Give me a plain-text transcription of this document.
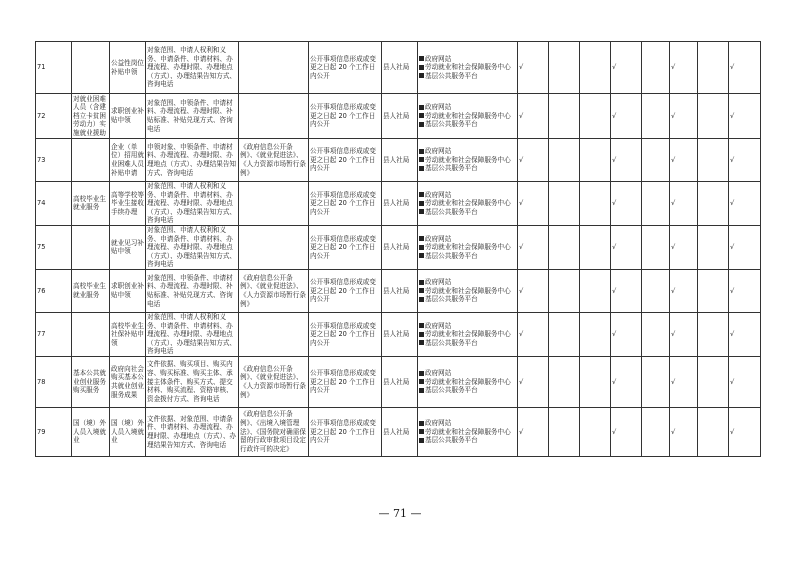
71		公益性岗位补贴申领	对象范围、申请人权利和义务、申请条件、申请材料、办理流程、办理时限、办理地点（方式）、办理结果告知方式、咨询电话		公开事项信息形成或变更之日起 20 个工作日内公开	县人社局	政府网站
劳动就业和社会保障服务中心
基层公共服务平台	√			√		√		√
72	对就业困难人员（含建档立卡贫困劳动力）实施就业援助	求职创业补贴申领	对象范围、申领条件、申请材料、办理流程、办理时限、补贴标准、补贴兑现方式、咨询电话		公开事项信息形成或变更之日起 20 个工作日内公开	县人社局	政府网站
劳动就业和社会保障服务中心
基层公共服务平台	√			√		√		√
73		企业（单位）招用就业困难人员补贴申请	申领对象、申领条件、申请材料、办理流程、办理时限、办理地点（方式）、办理结果告知方式、咨询电话	《政府信息公开条例》、《就业促进法》、《人力资源市场暂行条例》	公开事项信息形成或变更之日起 20 个工作日内公开	县人社局	政府网站
劳动就业和社会保障服务中心
基层公共服务平台	√			√		√		√
74	高校毕业生就业服务	高等学校等毕业生接收手续办理	对象范围、申请人权利和义务、申请条件、申请材料、办理流程、办理时限、办理地点（方式）、办理结果告知方式、咨询电话		公开事项信息形成或变更之日起 20 个工作日内公开	县人社局	政府网站
劳动就业和社会保障服务中心
基层公共服务平台	√			√		√		√
75		就业见习补贴申领	对象范围、申请人权利和义务、申请条件、申请材料、办理流程、办理时限、办理地点（方式）、办理结果告知方式、咨询电话		公开事项信息形成或变更之日起 20 个工作日内公开	县人社局	政府网站
劳动就业和社会保障服务中心
基层公共服务平台	√			√		√		√
76	高校毕业生就业服务	求职创业补贴申领	对象范围、申领条件、申请材料、办理流程、办理时限、补贴标准、补贴兑现方式、咨询电话	《政府信息公开条例》、《就业促进法》、《人力资源市场暂行条例》	公开事项信息形成或变更之日起 20 个工作日内公开	县人社局	政府网站
劳动就业和社会保障服务中心
基层公共服务平台	√			√		√		√
77		高校毕业生社保补贴申领	对象范围、申请人权利和义务、申请条件、申请材料、办理流程、办理时限、办理地点（方式）、办理结果告知方式、咨询电话		公开事项信息形成或变更之日起 20 个工作日内公开	县人社局	政府网站
劳动就业和社会保障服务中心
基层公共服务平台	√			√		√		√
78	基本公共就业创业服务购买服务	政府向社会购买基本公共就业创业服务成果	文件依据、购买项目、购买内容、购买标准、购买主体、承接主体条件、购买方式、提交材料、购买流程、资格审核、资金拨付方式、咨询电话	《政府信息公开条例》、《就业促进法》、《人力资源市场暂行条例》	公开事项信息形成或变更之日起 20 个工作日内公开	县人社局	政府网站
劳动就业和社会保障服务中心
基层公共服务平台	√			√		√		√
79	国（境）外人员入境就业	国（境）外人员入境就业	文件依据、对象范围、申请条件、申请材料、办理流程、办理时限、办理地点（方式）、办理结果告知方式、咨询电话	《政府信息公开条例》、《出境入境管理法》、《国务院对确需保留的行政审批项目设定行政许可的决定》	公开事项信息形成或变更之日起 20 个工作日内公开	县人社局	政府网站
劳动就业和社会保障服务中心
基层公共服务平台	√			√		√		√
— 71 —
